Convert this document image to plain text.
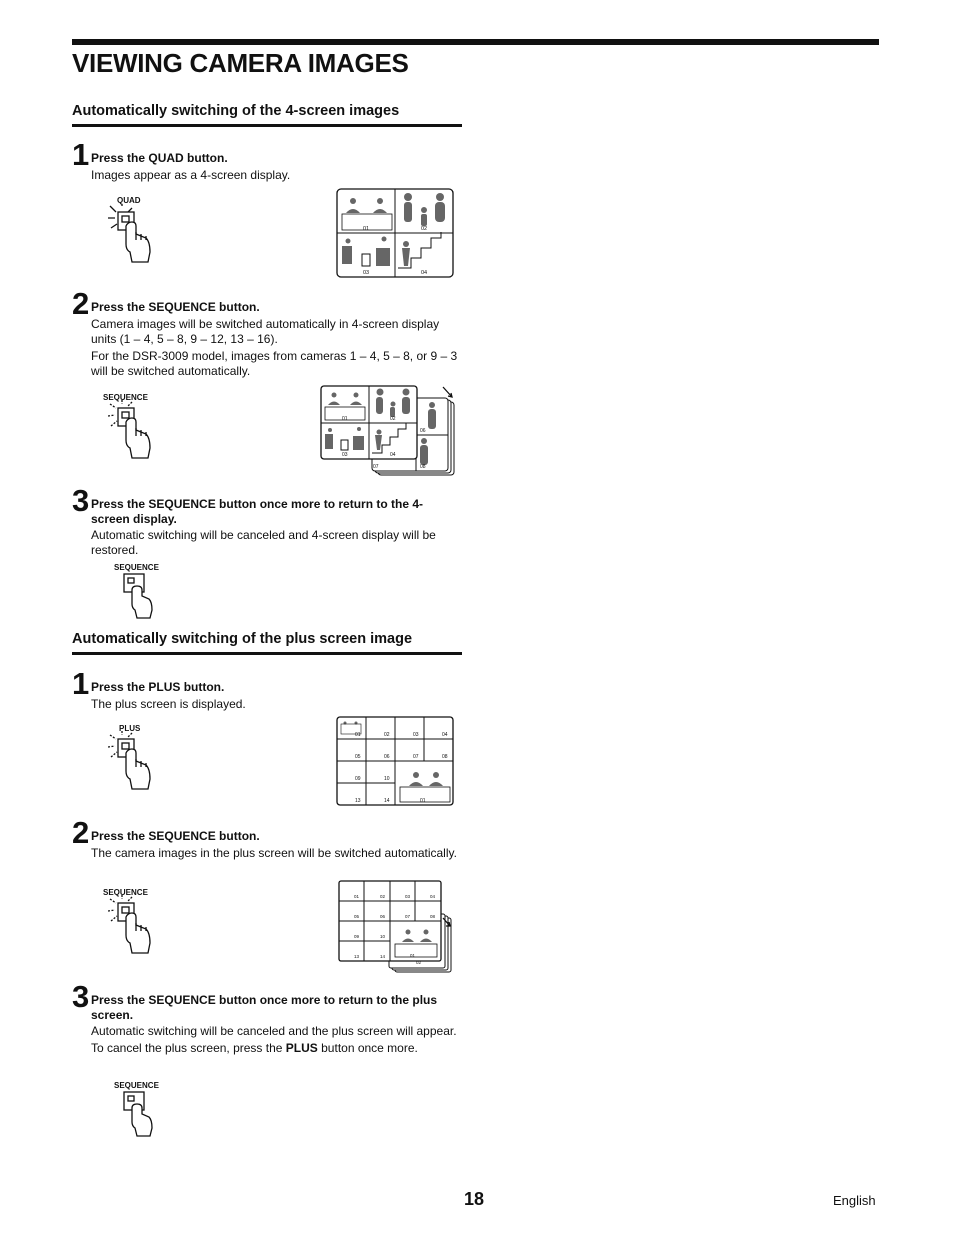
VIEWING CAMERA IMAGES
Automatically switching of the 4-screen images
1 Press the QUAD button.

Images appear as a 4-screen display.

QUAD
01	02
03	04
2 Press the SEQUENCE button.

Camera images will be switched automatically in 4-screen display units (1 – 4, 5 – 8, 9 – 12, 13 – 16).

For the DSR-3009 model, images from cameras 1 – 4, 5 – 8, or 9 – 3 will be switched automatically.

SEQUENCE
01	02
03	04
06
07	08
3 Press the SEQUENCE button once more to return to the 4-screen display.

Automatic switching will be canceled and 4-screen display will be restored.

SEQUENCE
Automatically switching of the plus screen image
1 Press the PLUS button.

The plus screen is displayed.

PLUS
01	02	03	04
05	06	07	08
09	10
13	14	01
2 Press the SEQUENCE button.

The camera images in the plus screen will be switched automatically.

SEQUENCE	01	02	03	04
05	06	07	08
09	10
13	14	01
02
3 Press the SEQUENCE button once more to return to the plus screen.

Automatic switching will be canceled and the plus screen will appear.

To cancel the plus screen, press the PLUS button once more.

SEQUENCE
18	English
